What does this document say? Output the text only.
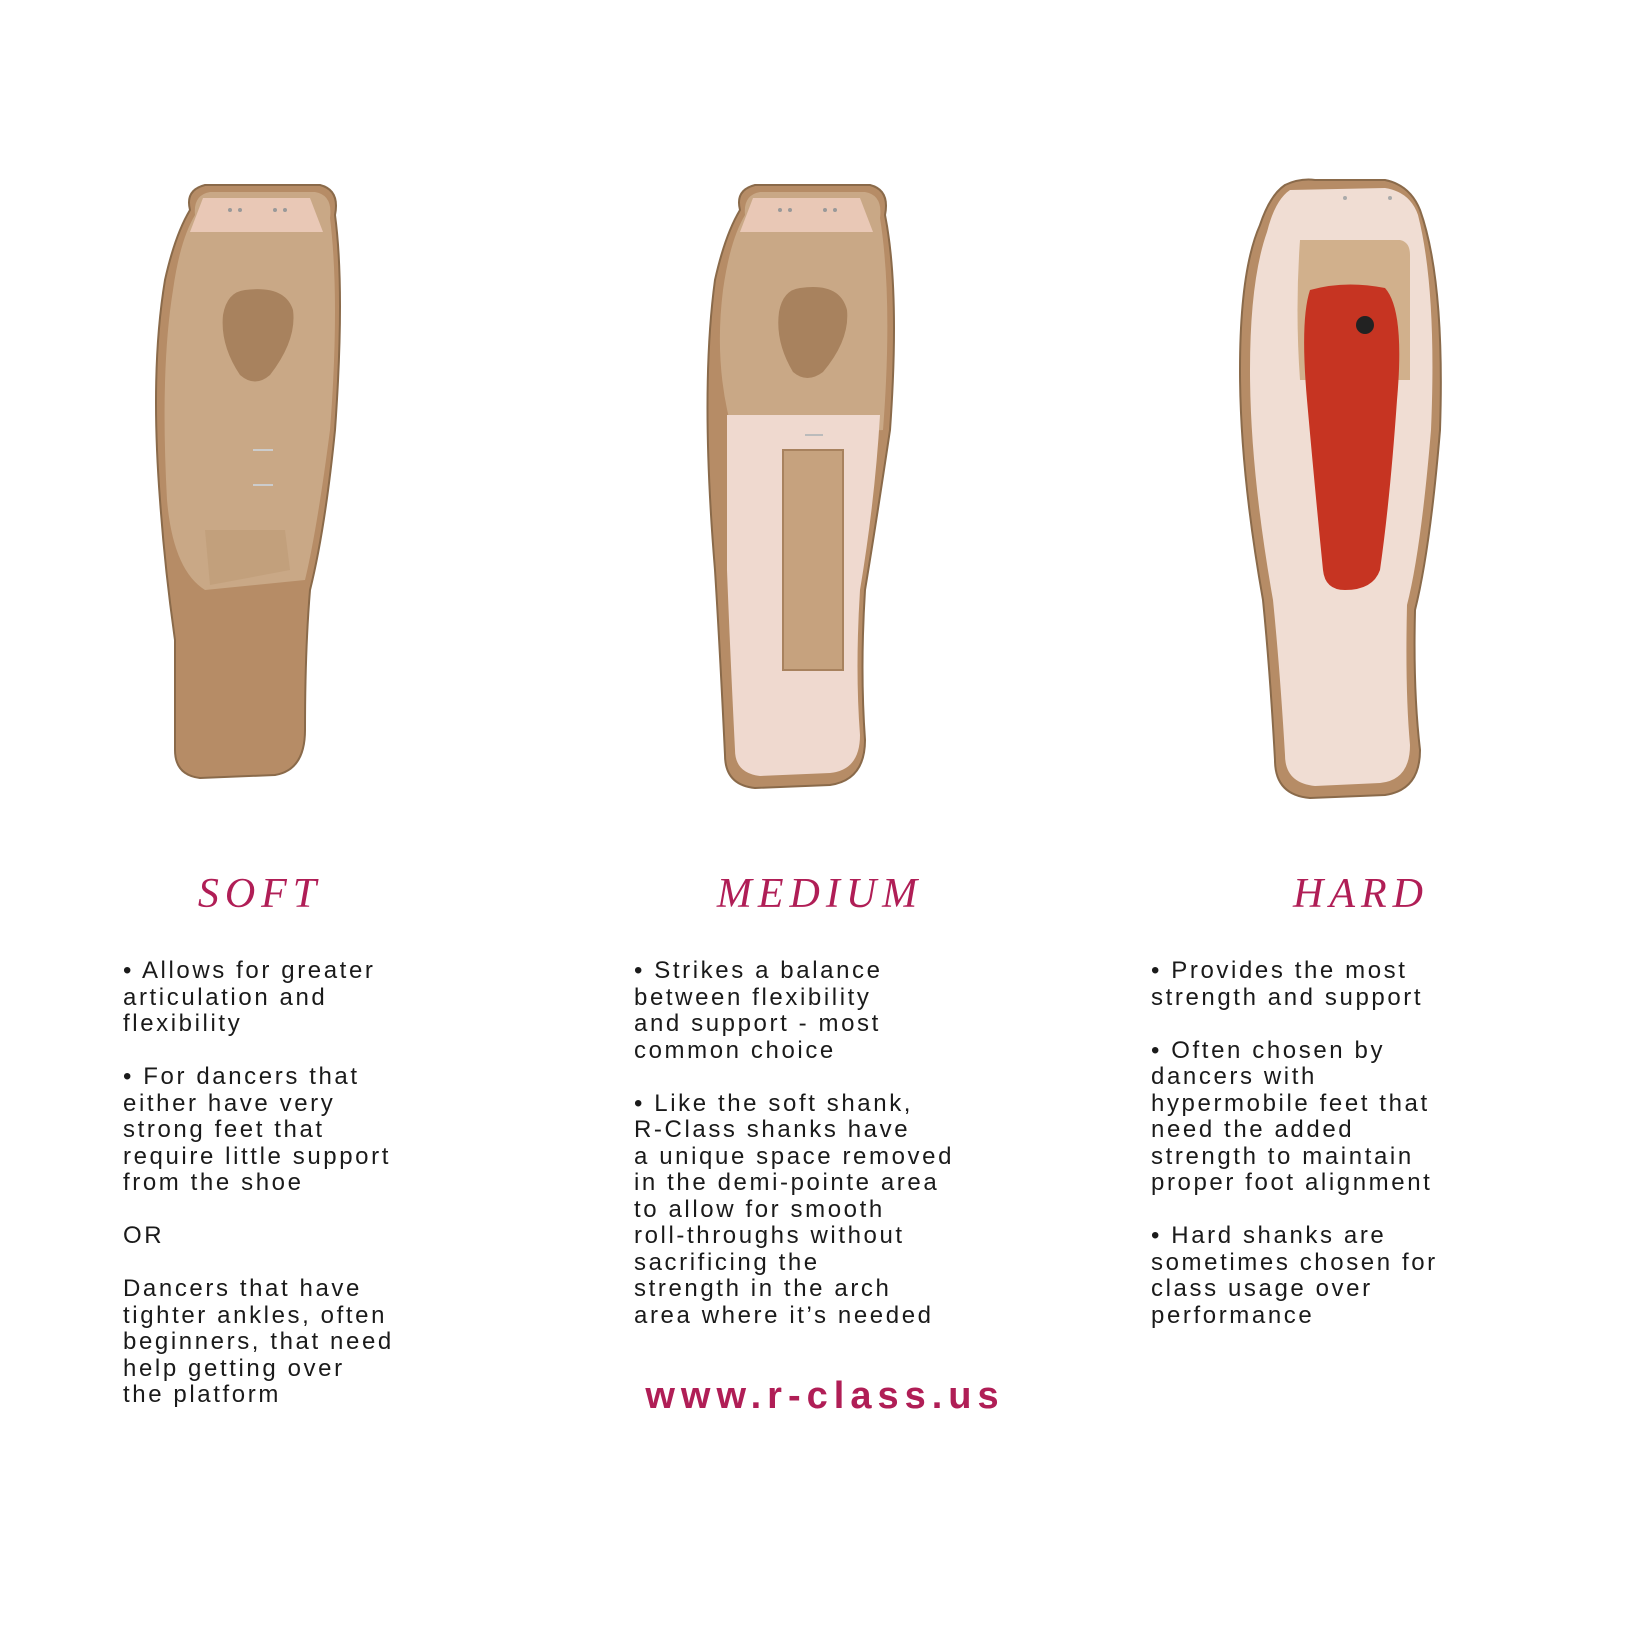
SOFT

• Allows for greater
articulation and
flexibility

• For dancers that
either have very
strong feet that
require little support
from the shoe

OR

Dancers that have
tighter ankles, often
beginners, that need
help getting over
the platform

MEDIUM

• Strikes a balance
between flexibility
and support - most
common choice

• Like the soft shank,
R-Class shanks have
a unique space removed
in the demi-pointe area
to allow for smooth
roll-throughs without
sacrificing the
strength in the arch
area where it’s needed

HARD

• Provides the most
strength and support

• Often chosen by
dancers with
hypermobile feet that
need the added
strength to maintain
proper foot alignment

• Hard shanks are
sometimes chosen for
class usage over
performance

www.r-class.us
